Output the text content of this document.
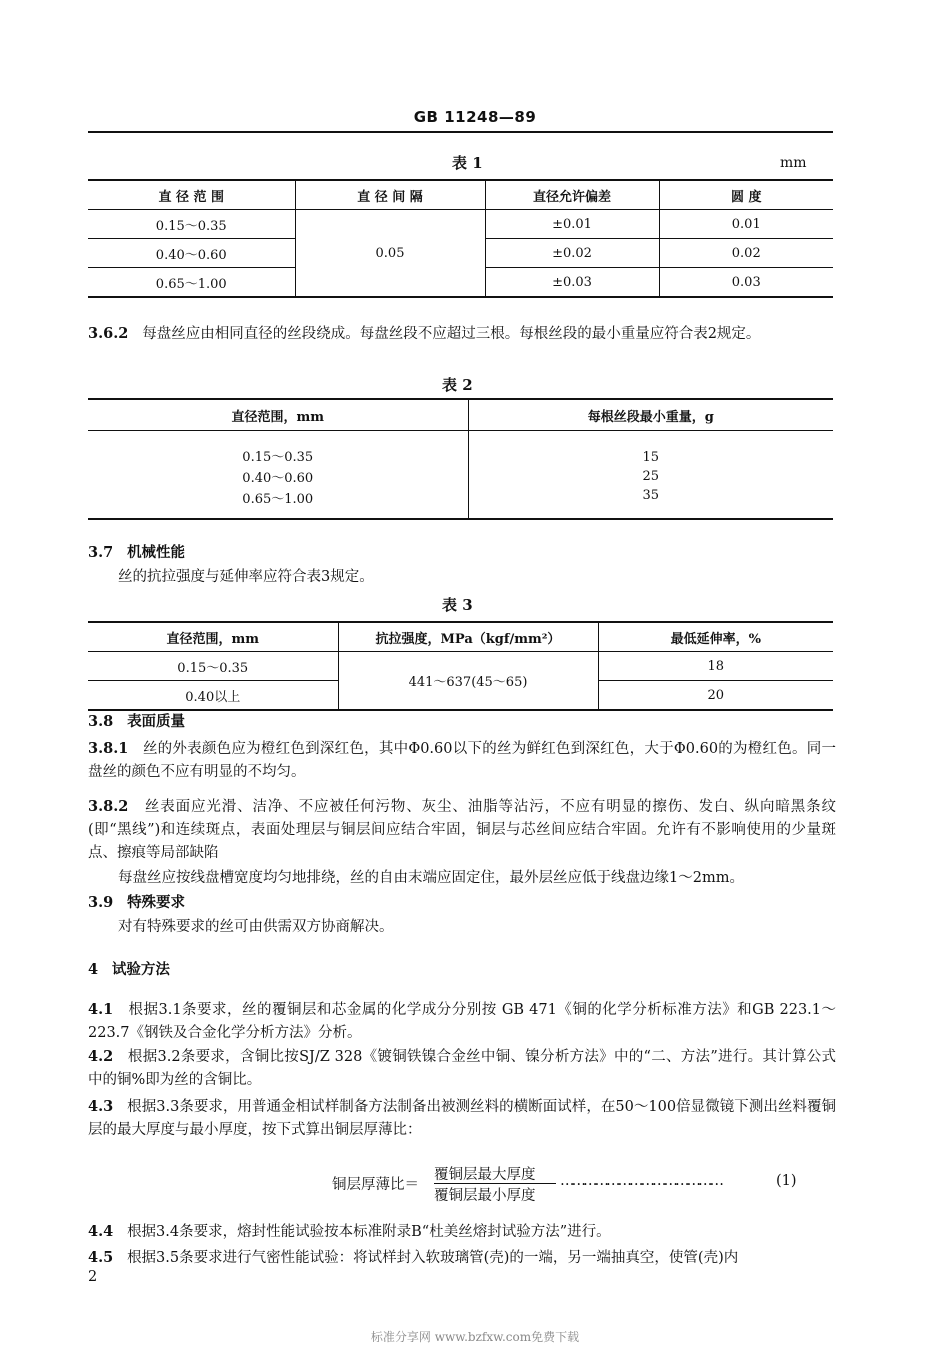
GB 11248—89
表 1	mm
直 径 范 围	直 径 间 隔	直径允许偏差	圆 度
0.15～0.35	0.05	±0.01	0.01
0.40～0.60		±0.02	0.02
0.65～1.00		±0.03	0.03
3.6.2 每盘丝应由相同直径的丝段绕成。每盘丝段不应超过三根。每根丝段的最小重量应符合表2规定。
表 2
直径范围，mm	每根丝段最小重量，g
0.15～0.35	15
0.40～0.60	25
0.65～1.00	35
3.7 机械性能
丝的抗拉强度与延伸率应符合表3规定。
表 3
直径范围，mm	抗拉强度，MPa（kgf/mm²）	最低延伸率，%
0.15～0.35	441～637(45～65)	18
0.40以上		20
3.8 表面质量
3.8.1 丝的外表颜色应为橙红色到深红色，其中Φ0.60以下的丝为鲜红色到深红色，大于Φ0.60的为橙红色。同一盘丝的颜色不应有明显的不均匀。
3.8.2 丝表面应光滑、洁净、不应被任何污物、灰尘、油脂等沾污，不应有明显的擦伤、发白、纵向暗黑条纹(即“黑线”)和连续斑点，表面处理层与铜层间应结合牢固，铜层与芯丝间应结合牢固。允许有不影响使用的少量斑点、擦痕等局部缺陷
每盘丝应按线盘槽宽度均匀地排绕，丝的自由末端应固定住，最外层丝应低于线盘边缘1～2mm。
3.9 特殊要求
对有特殊要求的丝可由供需双方协商解决。
4 试验方法
4.1 根据3.1条要求，丝的覆铜层和芯金属的化学成分分别按 GB 471《铜的化学分析标准方法》和GB 223.1～223.7《钢铁及合金化学分析方法》分析。
4.2 根据3.2条要求，含铜比按SJ/Z 328《镀铜铁镍合金丝中铜、镍分析方法》中的“二、方法”进行。其计算公式中的铜%即为丝的含铜比。
4.3 根据3.3条要求，用普通金相试样制备方法制备出被测丝料的横断面试样，在50～100倍显微镜下测出丝料覆铜层的最大厚度与最小厚度，按下式算出铜层厚薄比：
铜层厚薄比＝
覆铜层最大厚度
覆铜层最小厚度
……………………………………	(1)
4.4 根据3.4条要求，熔封性能试验按本标准附录B“杜美丝熔封试验方法”进行。
4.5 根据3.5条要求进行气密性能试验：将试样封入软玻璃管(壳)的一端，另一端抽真空，使管(壳)内
2
标准分享网 www.bzfxw.com免费下载
